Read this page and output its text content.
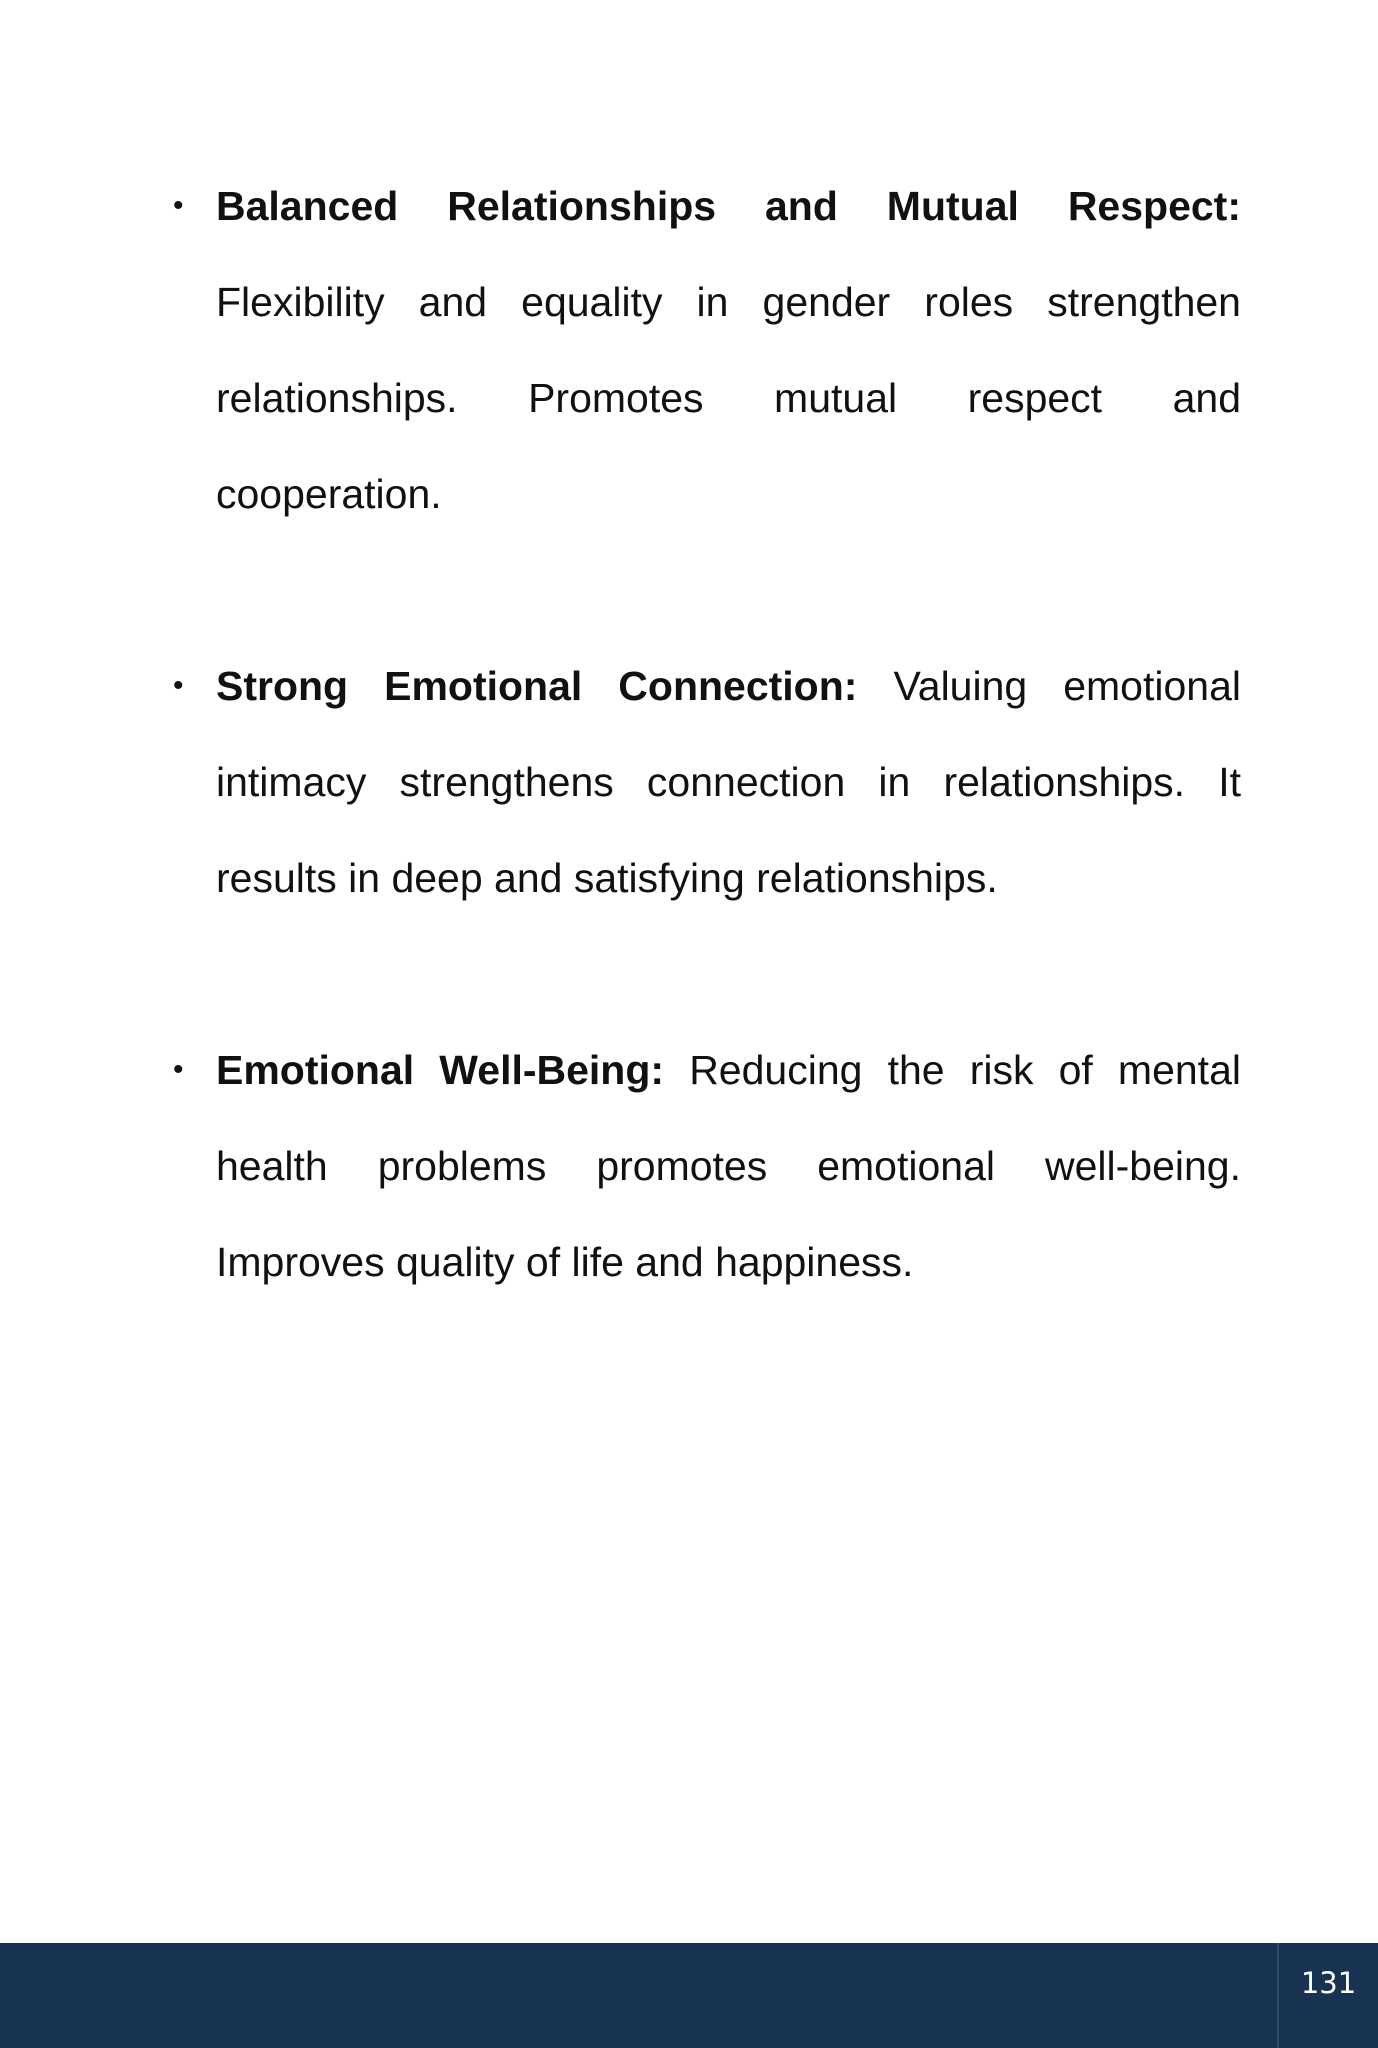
• Balanced Relationships and Mutual Respect: Flexibility and equality in gender roles strengthen relationships. Promotes mutual respect and cooperation.
• Strong Emotional Connection: Valuing emotional intimacy strengthens connection in relationships. It results in deep and satisfying relationships.
• Emotional Well-Being: Reducing the risk of mental health problems promotes emotional well-being. Improves quality of life and happiness.
131
